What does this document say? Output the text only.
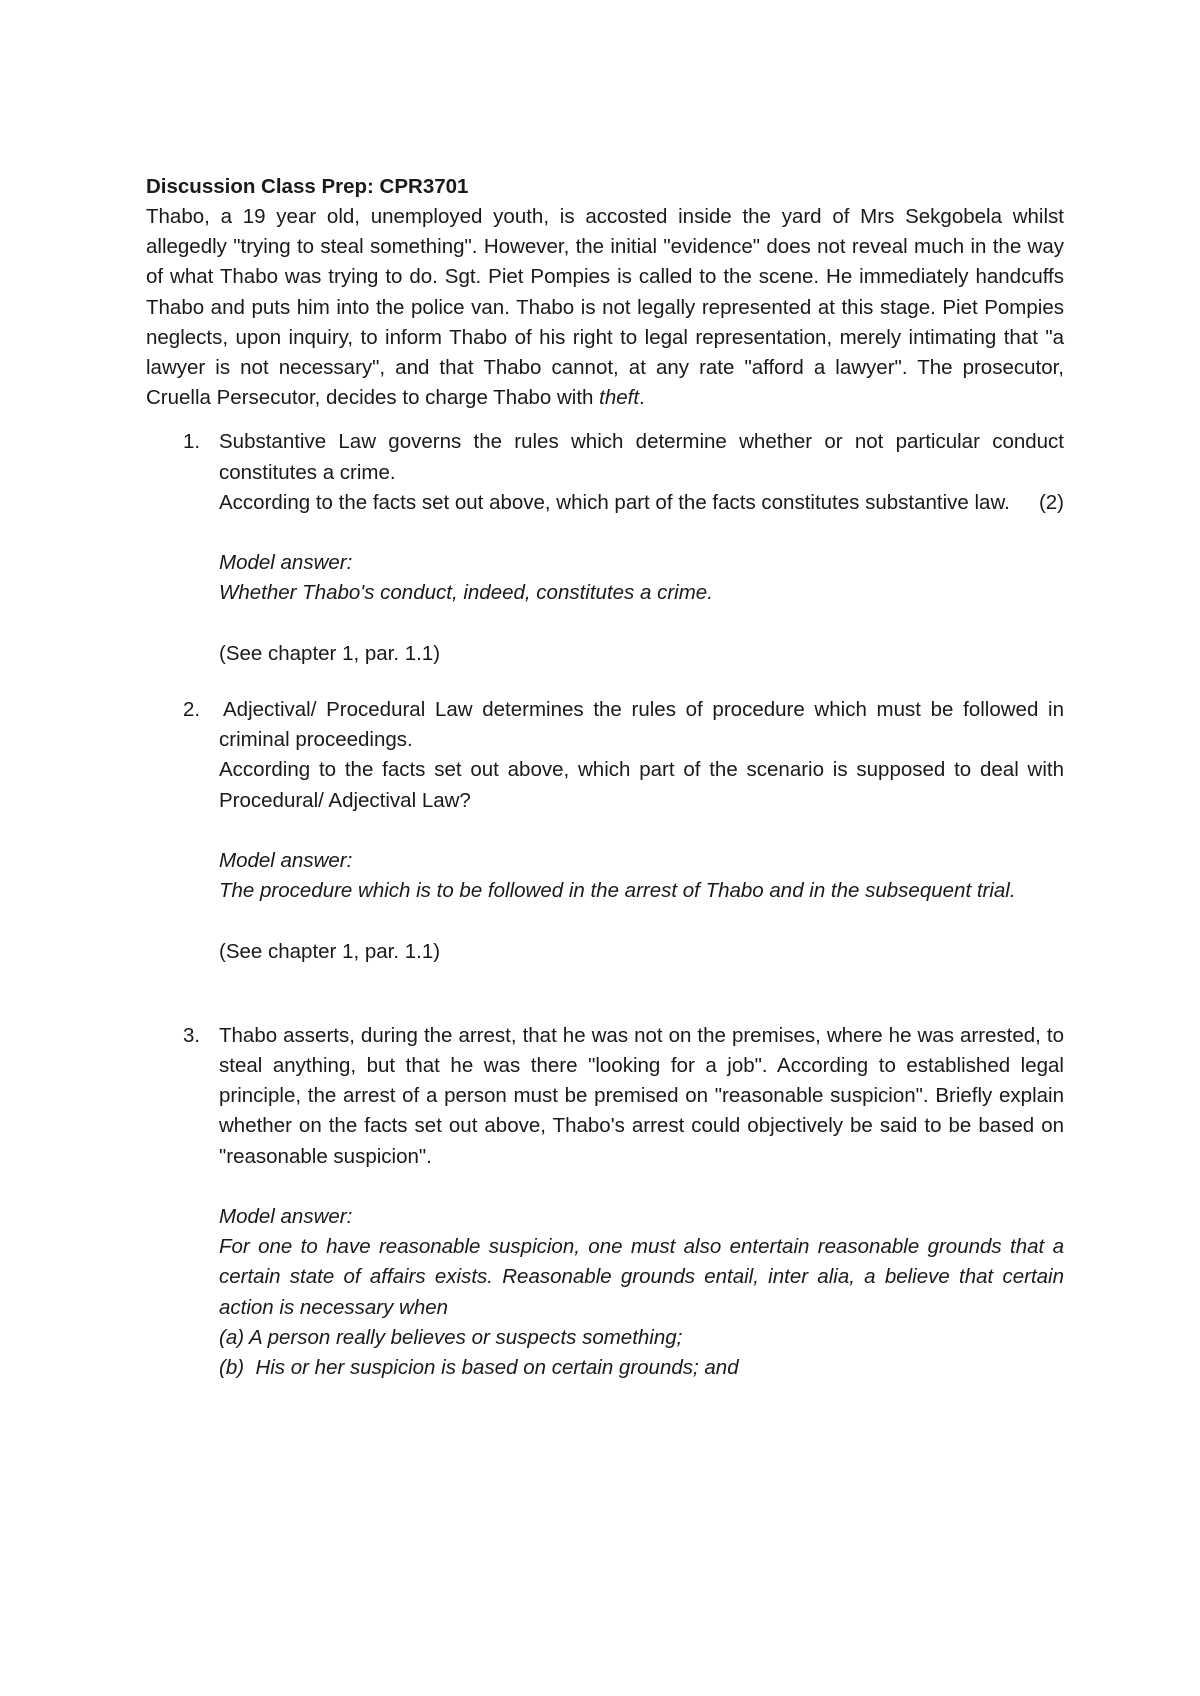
Discussion Class Prep: CPR3701

Thabo, a 19 year old, unemployed youth, is accosted inside the yard of Mrs Sekgobela whilst allegedly "trying to steal something". However, the initial "evidence" does not reveal much in the way of what Thabo was trying to do. Sgt. Piet Pompies is called to the scene. He immediately handcuffs Thabo and puts him into the police van. Thabo is not legally represented at this stage. Piet Pompies neglects, upon inquiry, to inform Thabo of his right to legal representation, merely intimating that "a lawyer is not necessary", and that Thabo cannot, at any rate "afford a lawyer". The prosecutor, Cruella Persecutor, decides to charge Thabo with theft.

1. Substantive Law governs the rules which determine whether or not particular conduct constitutes a crime.

According to the facts set out above, which part of the facts constitutes substantive law.	(2)

Model answer:

Whether Thabo's conduct, indeed, constitutes a crime.

(See chapter 1, par. 1.1)

2. Adjectival/ Procedural Law determines the rules of procedure which must be followed in criminal proceedings.

According to the facts set out above, which part of the scenario is supposed to deal with Procedural/ Adjectival Law?

Model answer:

The procedure which is to be followed in the arrest of Thabo and in the subsequent trial.

(See chapter 1, par. 1.1)

3. Thabo asserts, during the arrest, that he was not on the premises, where he was arrested, to steal anything, but that he was there "looking for a job". According to established legal principle, the arrest of a person must be premised on "reasonable suspicion". Briefly explain whether on the facts set out above, Thabo's arrest could objectively be said to be based on "reasonable suspicion".

Model answer:

For one to have reasonable suspicion, one must also entertain reasonable grounds that a certain state of affairs exists. Reasonable grounds entail, inter alia, a believe that certain action is necessary when

(a) A person really believes or suspects something;

(b)  His or her suspicion is based on certain grounds; and
